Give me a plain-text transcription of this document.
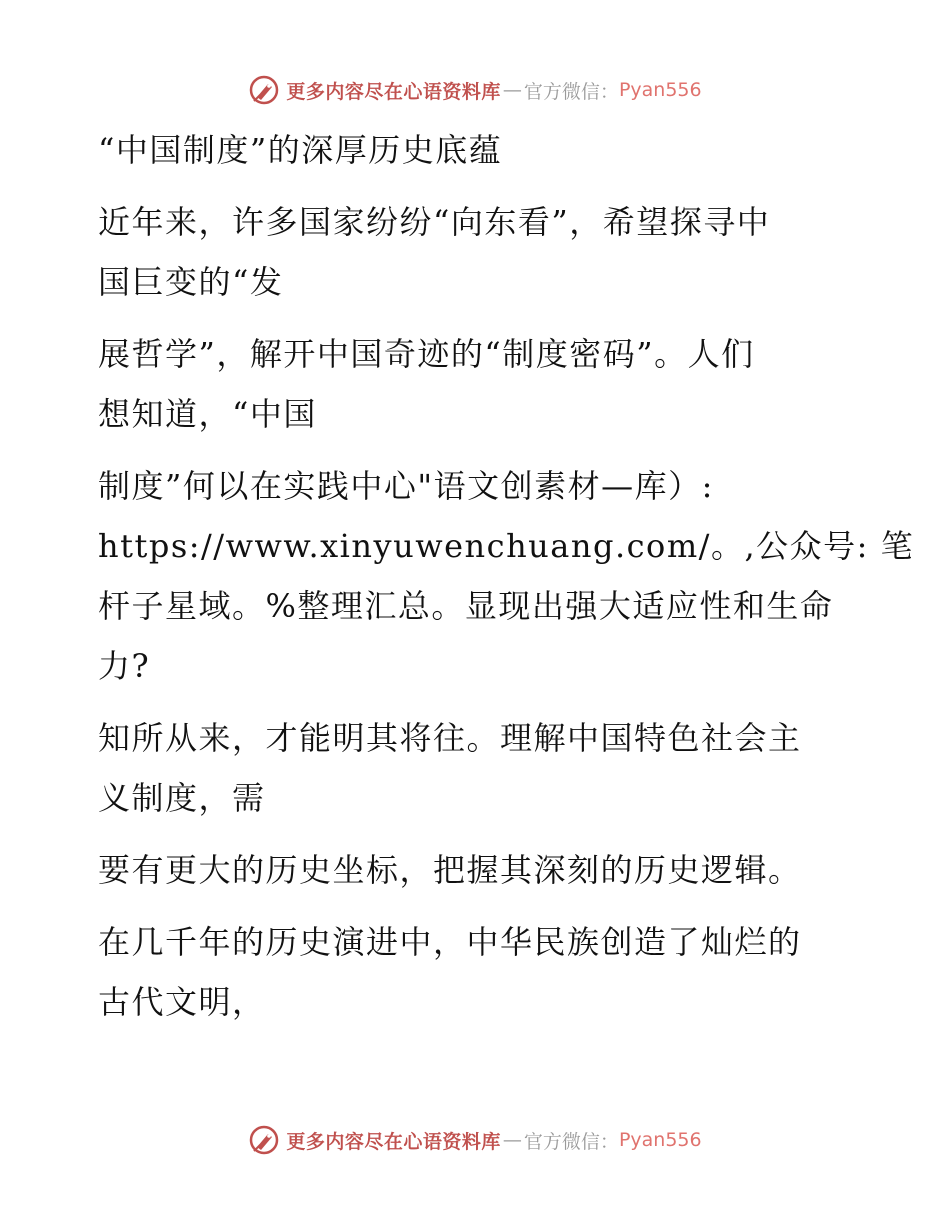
更多内容尽在心语资料库 — 官方微信： Pyan556
“中国制度”的深厚历史底蕴
近年来，许多国家纷纷“向东看”，希望探寻中
国巨变的“发
展哲学”，解开中国奇迹的“制度密码”。人们
想知道，“中国
制度”何以在实践中心"语文创素材—库）:
https://www.xinyuwenchuang.com/。,公众号: 笔
杆子星域。%整理汇总。显现出强大适应性和生命
力?
知所从来，才能明其将往。理解中国特色社会主
义制度，需
要有更大的历史坐标，把握其深刻的历史逻辑。
在几千年的历史演进中，中华民族创造了灿烂的
古代文明，
更多内容尽在心语资料库 — 官方微信： Pyan556
